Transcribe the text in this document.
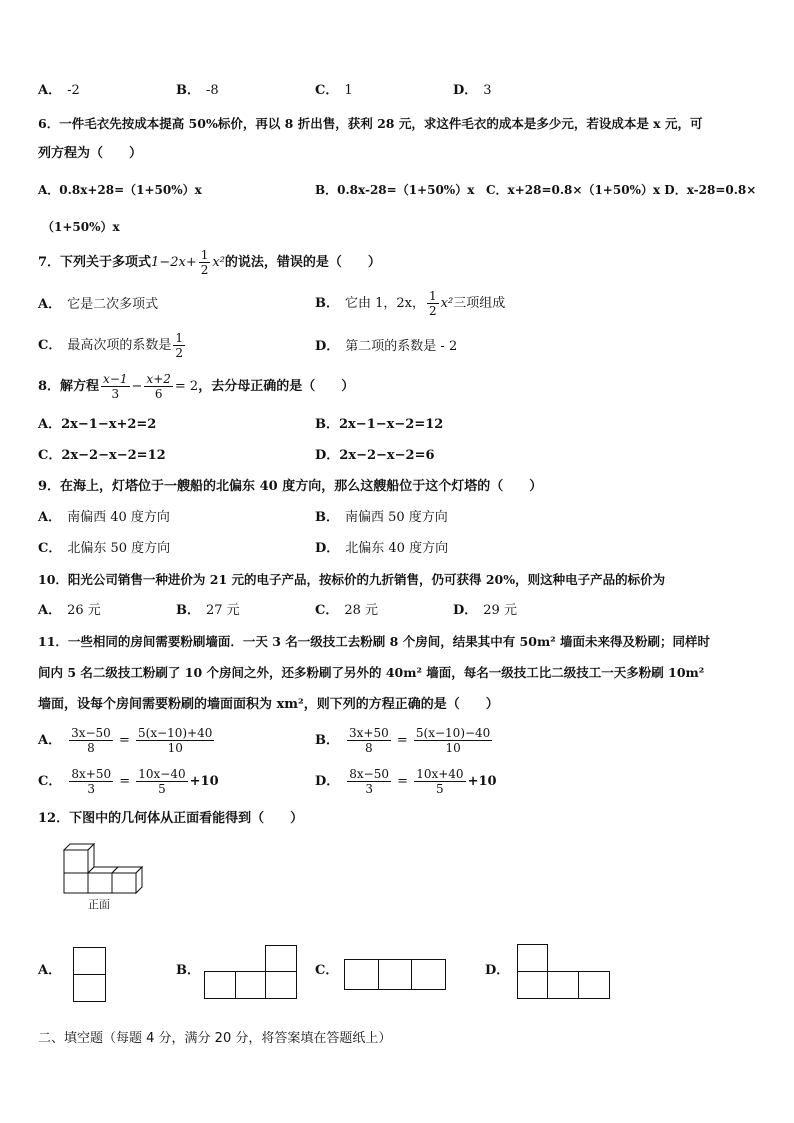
A． -2	B． -8	C． 1	D． 3
6．一件毛衣先按成本提高 50%标价，再以 8 折出售，获利 28 元，求这件毛衣的成本是多少元，若设成本是 x 元，可
列方程为（　　）
A．0.8x+28=（1+50%）x	B．0.8x-28=（1+50%）x C．x+28=0.8×（1+50%）x D．x-28=0.8×
（1+50%）x
7．下列关于多项式$1-2x+ \frac{1}{2} x^2$的说法，错误的是（　　）
A． 它是二次多项式	B． 它由 1，2x， $\frac{1}{2} x^2$三项组成
C． 最高次项的系数是 $\frac{1}{2}$	D． 第二项的系数是 - 2
8．解方程 $\frac{x-1}{3} - \frac{x+2}{6} = 2$，去分母正确的是（　　）
A．2x−1−x+2=2	B．2x−1−x−2=12
C．2x−2−x−2=12	D．2x−2−x−2=6
9．在海上，灯塔位于一艘船的北偏东 40 度方向，那么这艘船位于这个灯塔的（　　）
A． 南偏西 40 度方向	B． 南偏西 50 度方向
C． 北偏东 50 度方向	D． 北偏东 40 度方向
10．阳光公司销售一种进价为 21 元的电子产品，按标价的九折销售，仍可获得 20%，则这种电子产品的标价为
A． 26 元	B． 27 元	C． 28 元	D． 29 元
11．一些相同的房间需要粉刷墙面．一天 3 名一级技工去粉刷 8 个房间，结果其中有 50m² 墙面未来得及粉刷；同样时
间内 5 名二级技工粉刷了 10 个房间之外，还多粉刷了另外的 40m² 墙面，每名一级技工比二级技工一天多粉刷 10m²
墙面，设每个房间需要粉刷的墙面面积为 xm²，则下列的方程正确的是（　　）
A． $\frac{3x-50}{8} = \frac{5(x-10)+40}{10}$	B． $\frac{3x+50}{8} = \frac{5(x-10)-40}{10}$
C． $\frac{8x+50}{3} = \frac{10x-40}{5} +10$	D． $\frac{8x-50}{3} = \frac{10x+40}{5} +10$
12．下图中的几何体从正面看能得到（　　）
正面
A．	B．	C．	D．
二、填空题（每题 4 分，满分 20 分，将答案填在答题纸上）
